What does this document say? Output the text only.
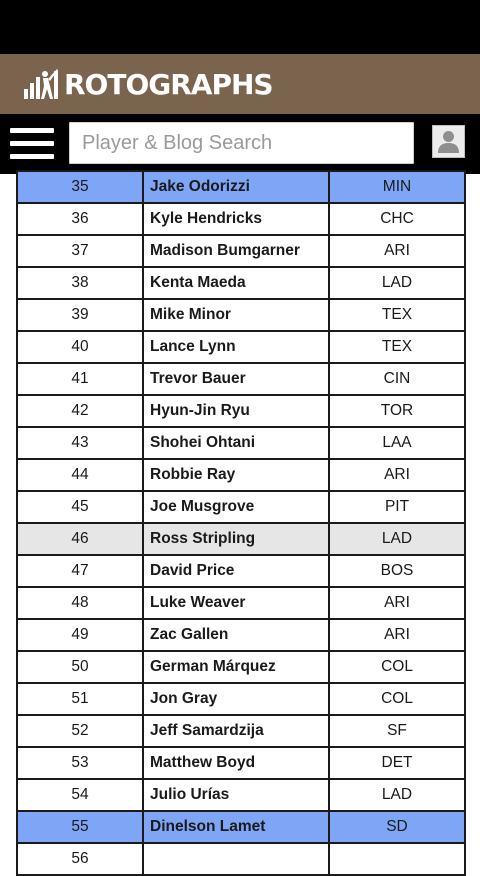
ROTO GRAPHS
Player & Blog Search
35	Jake Odorizzi	MIN
36	Kyle Hendricks	CHC
37	Madison Bumgarner	ARI
38	Kenta Maeda	LAD
39	Mike Minor	TEX
40	Lance Lynn	TEX
41	Trevor Bauer	CIN
42	Hyun-Jin Ryu	TOR
43	Shohei Ohtani	LAA
44	Robbie Ray	ARI
45	Joe Musgrove	PIT
46	Ross Stripling	LAD
47	David Price	BOS
48	Luke Weaver	ARI
49	Zac Gallen	ARI
50	German Márquez	COL
51	Jon Gray	COL
52	Jeff Samardzija	SF
53	Matthew Boyd	DET
54	Julio Urías	LAD
55	Dinelson Lamet	SD
56		
